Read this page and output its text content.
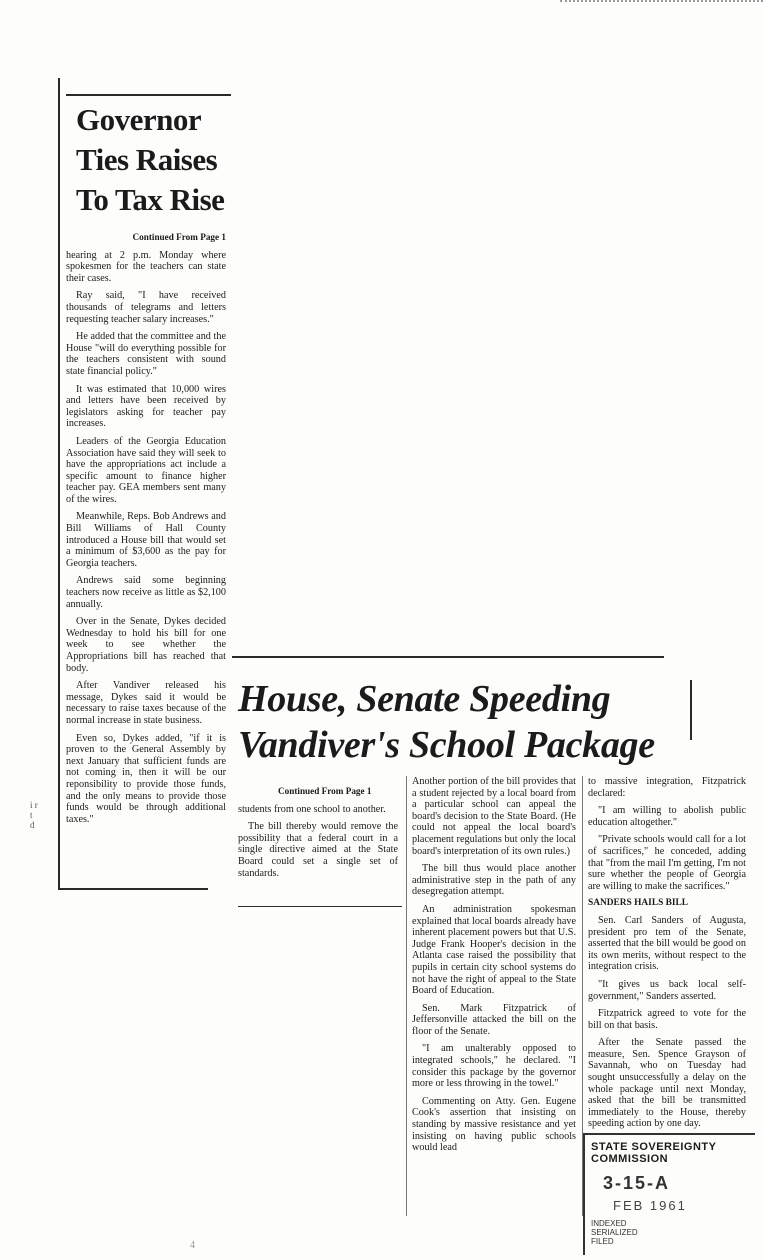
Governor
Ties Raises
To Tax Rise
Continued From Page 1

hearing at 2 p.m. Monday where spokesmen for the teachers can state their cases.

Ray said, "I have received thousands of telegrams and letters requesting teacher salary increases."

He added that the committee and the House "will do everything possible for the teachers consistent with sound state financial policy."

It was estimated that 10,000 wires and letters have been received by legislators asking for teacher pay increases.

Leaders of the Georgia Education Association have said they will seek to have the appropriations act include a specific amount to finance higher teacher pay. GEA members sent many of the wires.

Meanwhile, Reps. Bob Andrews and Bill Williams of Hall County introduced a House bill that would set a minimum of $3,600 as the pay for Georgia teachers.

Andrews said some beginning teachers now receive as little as $2,100 annually.

Over in the Senate, Dykes decided Wednesday to hold his bill for one week to see whether the Appropriations bill has reached that body.

After Vandiver released his message, Dykes said it would be necessary to raise taxes because of the normal increase in state business.

Even so, Dykes added, "if it is proven to the General Assembly by next January that sufficient funds are not coming in, then it will be our reponsibility to provide those funds, and the only means to provide those funds would be through additional taxes."

i r t d
House, Senate Speeding
Vandiver's School Package
Continued From Page 1

students from one school to another.

The bill thereby would remove the possibility that a federal court in a single directive aimed at the State Board could set a single set of standards.

Another portion of the bill provides that a student rejected by a local board from a particular school can appeal the board's decision to the State Board. (He could not appeal the local board's placement regulations but only the local board's interpretation of its own rules.)

The bill thus would place another administrative step in the path of any desegregation attempt.

An administration spokesman explained that local boards already have inherent placement powers but that U.S. Judge Frank Hooper's decision in the Atlanta case raised the possibility that pupils in certain city school systems do not have the right of appeal to the State Board of Education.

Sen. Mark Fitzpatrick of Jeffersonville attacked the bill on the floor of the Senate.

"I am unalterably opposed to integrated schools," he declared. "I consider this package by the governor more or less throwing in the towel."

Commenting on Atty. Gen. Eugene Cook's assertion that insisting on standing by massive resistance and yet insisting on having public schools would lead

to massive integration, Fitzpatrick declared:

"I am willing to abolish public education altogether."

"Private schools would call for a lot of sacrifices," he conceded, adding that "from the mail I'm getting, I'm not sure whether the people of Georgia are willing to make the sacrifices."

SANDERS HAILS BILL

Sen. Carl Sanders of Augusta, president pro tem of the Senate, asserted that the bill would be good on its own merits, without respect to the integration crisis.

"It gives us back local self-government," Sanders asserted.

Fitzpatrick agreed to vote for the bill on that basis.

After the Senate passed the measure, Sen. Spence Grayson of Savannah, who on Tuesday had sought unsuccessfully a delay on the whole package until next Monday, asked that the bill be transmitted immediately to the House, thereby speeding action by one day.

STATE SOVEREIGNTY COMMISSION
3-15-A
FEB 1961
INDEXED
SERIALIZED
FILED
4
